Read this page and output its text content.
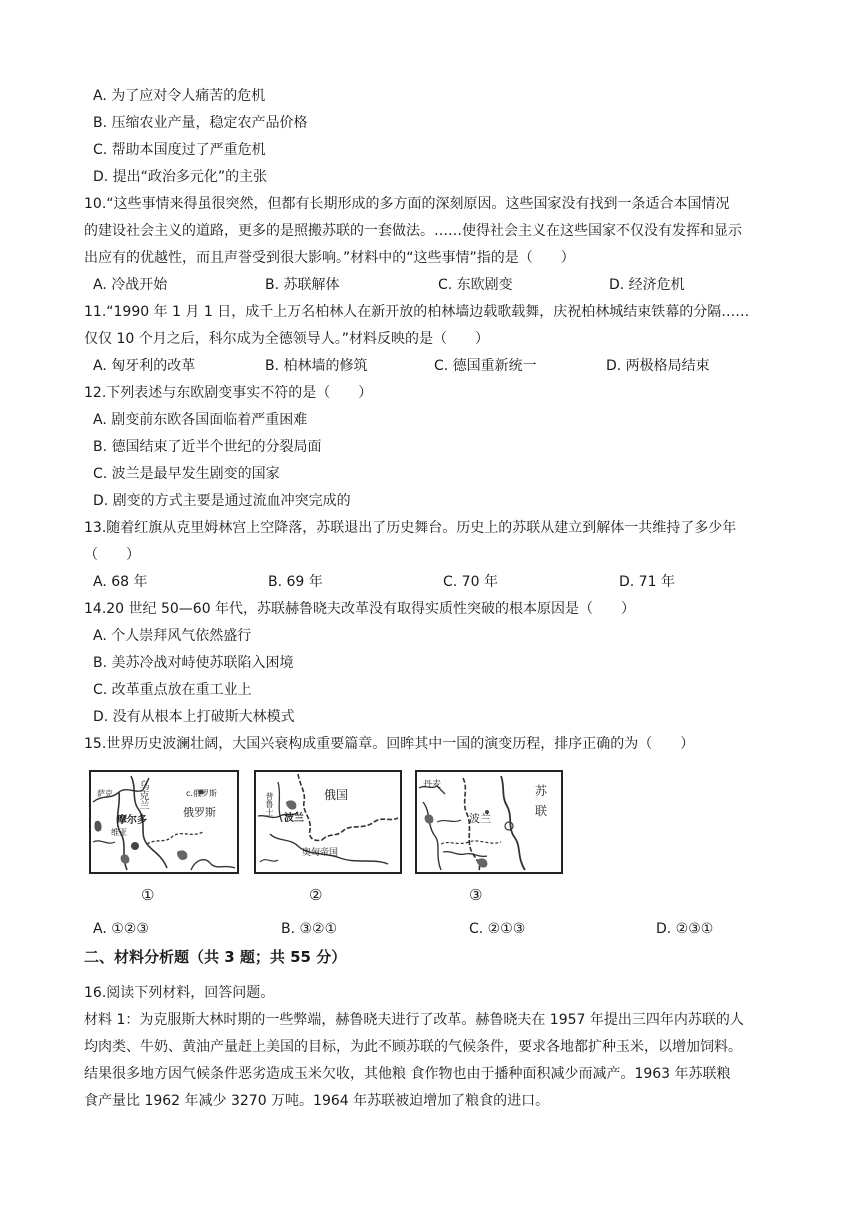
A. 为了应对令人痛苦的危机
B. 压缩农业产量，稳定农产品价格
C. 帮助本国度过了严重危机
D. 提出“政治多元化”的主张
10.“这些事情来得虽很突然，但都有长期形成的多方面的深刻原因。这些国家没有找到一条适合本国情况
的建设社会主义的道路，更多的是照搬苏联的一套做法。……使得社会主义在这些国家不仅没有发挥和显示
出应有的优越性，而且声誉受到很大影响。”材料中的“这些事情”指的是（　　）
A. 冷战开始	B. 苏联解体	C. 东欧剧变	D. 经济危机
11.“1990 年 1 月 1 日，成千上万名柏林人在新开放的柏林墙边载歌载舞，庆祝柏林城结束铁幕的分隔……
仅仅 10 个月之后，科尔成为全德领导人。”材料反映的是（　　）
A. 匈牙利的改革	B. 柏林墙的修筑	C. 德国重新统一	D. 两极格局结束
12.下列表述与东欧剧变事实不符的是（　　）
A. 剧变前东欧各国面临着严重困难
B. 德国结束了近半个世纪的分裂局面
C. 波兰是最早发生剧变的国家
D. 剧变的方式主要是通过流血冲突完成的
13.随着红旗从克里姆林宫上空降落，苏联退出了历史舞台。历史上的苏联从建立到解体一共维持了多少年
（　　）
A. 68 年	B. 69 年	C. 70 年	D. 71 年
14.20 世纪 50—60 年代，苏联赫鲁晓夫改革没有取得实质性突破的根本原因是（　　）
A. 个人崇拜风气依然盛行
B. 美苏冷战对峙使苏联陷入困境
C. 改革重点放在重工业上
D. 没有从根本上打破斯大林模式
15.世界历史波澜壮阔，大国兴衰构成重要篇章。回眸其中一国的演变历程，排序正确的为（　　）
乌克兰	c.俄罗斯
俄罗斯
萨克
维亚
摩尔多
①
俄国
普鲁士
波兰
奥匈帝国
②
丹麦	苏
联
波兰
③
A. ①②③	B. ③②①	C. ②①③	D. ②③①
二、材料分析题（共 3 题；共 55 分）
16.阅读下列材料，回答问题。
材料 1：为克服斯大林时期的一些弊端，赫鲁晓夫进行了改革。赫鲁晓夫在 1957 年提出三四年内苏联的人
均肉类、牛奶、黄油产量赶上美国的目标，为此不顾苏联的气候条件，要求各地都扩种玉米，以增加饲料。
结果很多地方因气候条件恶劣造成玉米欠收，其他粮 食作物也由于播种面积减少而减产。1963 年苏联粮
食产量比 1962 年减少 3270 万吨。1964 年苏联被迫增加了粮食的进口。
